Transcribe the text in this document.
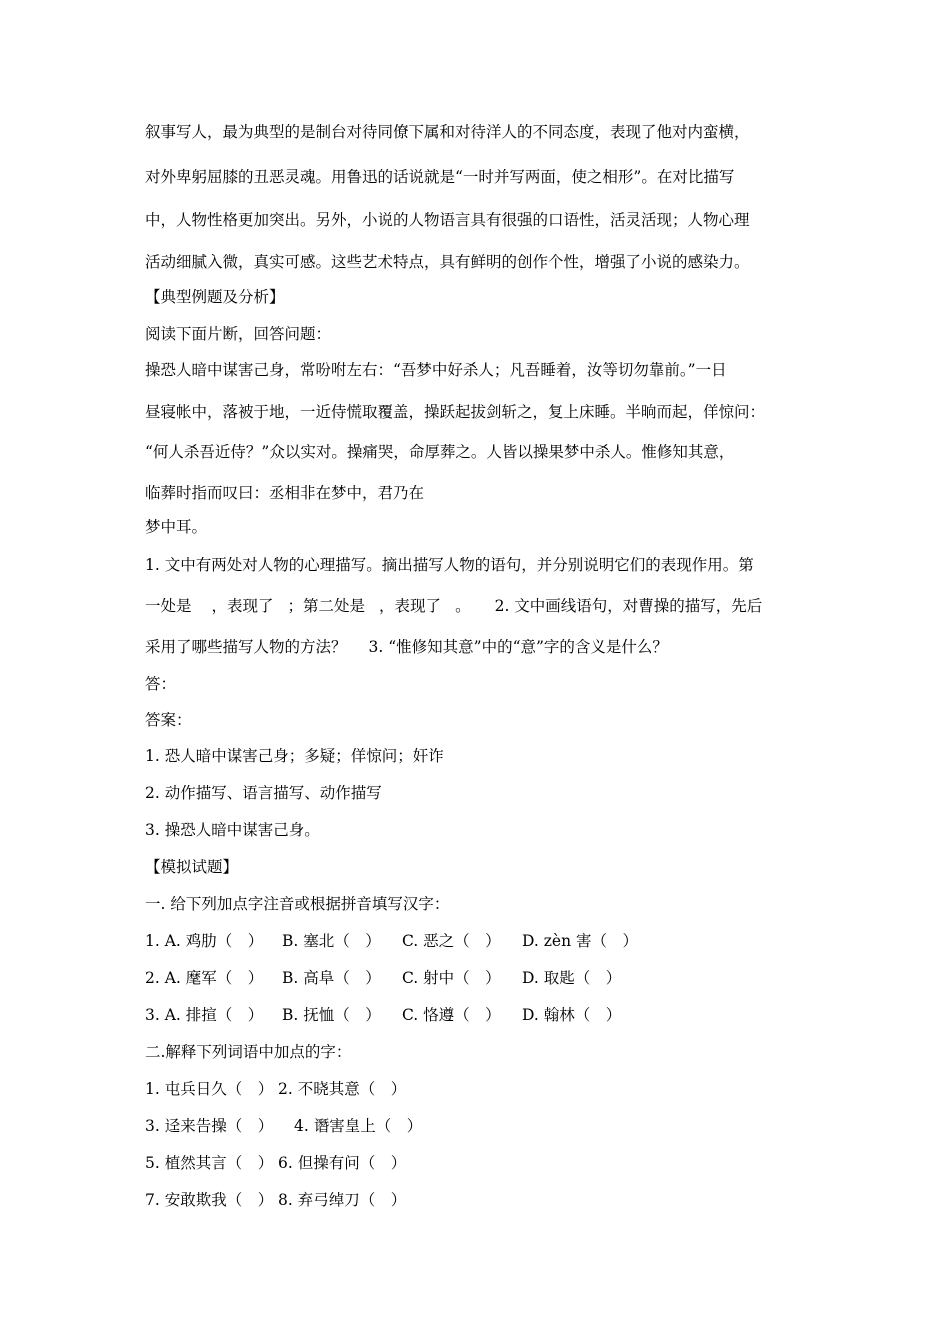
叙事写人，最为典型的是制台对待同僚下属和对待洋人的不同态度，表现了他对内蛮横，
对外卑躬屈膝的丑恶灵魂。用鲁迅的话说就是“一时并写两面，使之相形”。在对比描写
中，人物性格更加突出。另外，小说的人物语言具有很强的口语性，活灵活现；人物心理
活动细腻入微，真实可感。这些艺术特点，具有鲜明的创作个性，增强了小说的感染力。
【典型例题及分析】
阅读下面片断，回答问题：
操恐人暗中谋害己身，常吩咐左右：“吾梦中好杀人；凡吾睡着，汝等切勿靠前。”一日
昼寝帐中，落被于地，一近侍慌取覆盖，操跃起拔剑斩之，复上床睡。半晌而起，佯惊问：
“何人杀吾近侍？”众以实对。操痛哭，命厚葬之。人皆以操果梦中杀人。惟修知其意，
临葬时指而叹曰：丞相非在梦中，君乃在
梦中耳。
1. 文中有两处对人物的心理描写。摘出描写人物的语句，并分别说明它们的表现作用。第
一处是 ，表现了 ；第二处是 ，表现了 。 2. 文中画线语句，对曹操的描写，先后
采用了哪些描写人物的方法？ 3. “惟修知其意”中的“意”字的含义是什么？
答：
答案：
1. 恐人暗中谋害己身；多疑；佯惊问；奸诈
2. 动作描写、语言描写、动作描写
3. 操恐人暗中谋害己身。
【模拟试题】
一. 给下列加点字注音或根据拼音填写汉字：
1. A. 鸡肋（　） B. 塞北（　） C. 恶之（　） D. zèn 害（　）
2. A. 麾军（　） B. 高阜（　） C. 射中（　） D. 取匙（　）
3. A. 排揎（　） B. 抚恤（　） C. 恪遵（　） D. 翰林（　）
二.解释下列词语中加点的字：
1. 屯兵日久（　） 2. 不晓其意（　）
3. 迳来告操（　） 4. 谮害皇上（　）
5. 植然其言（　） 6. 但操有问（　）
7. 安敢欺我（　） 8. 弃弓绰刀（　）
